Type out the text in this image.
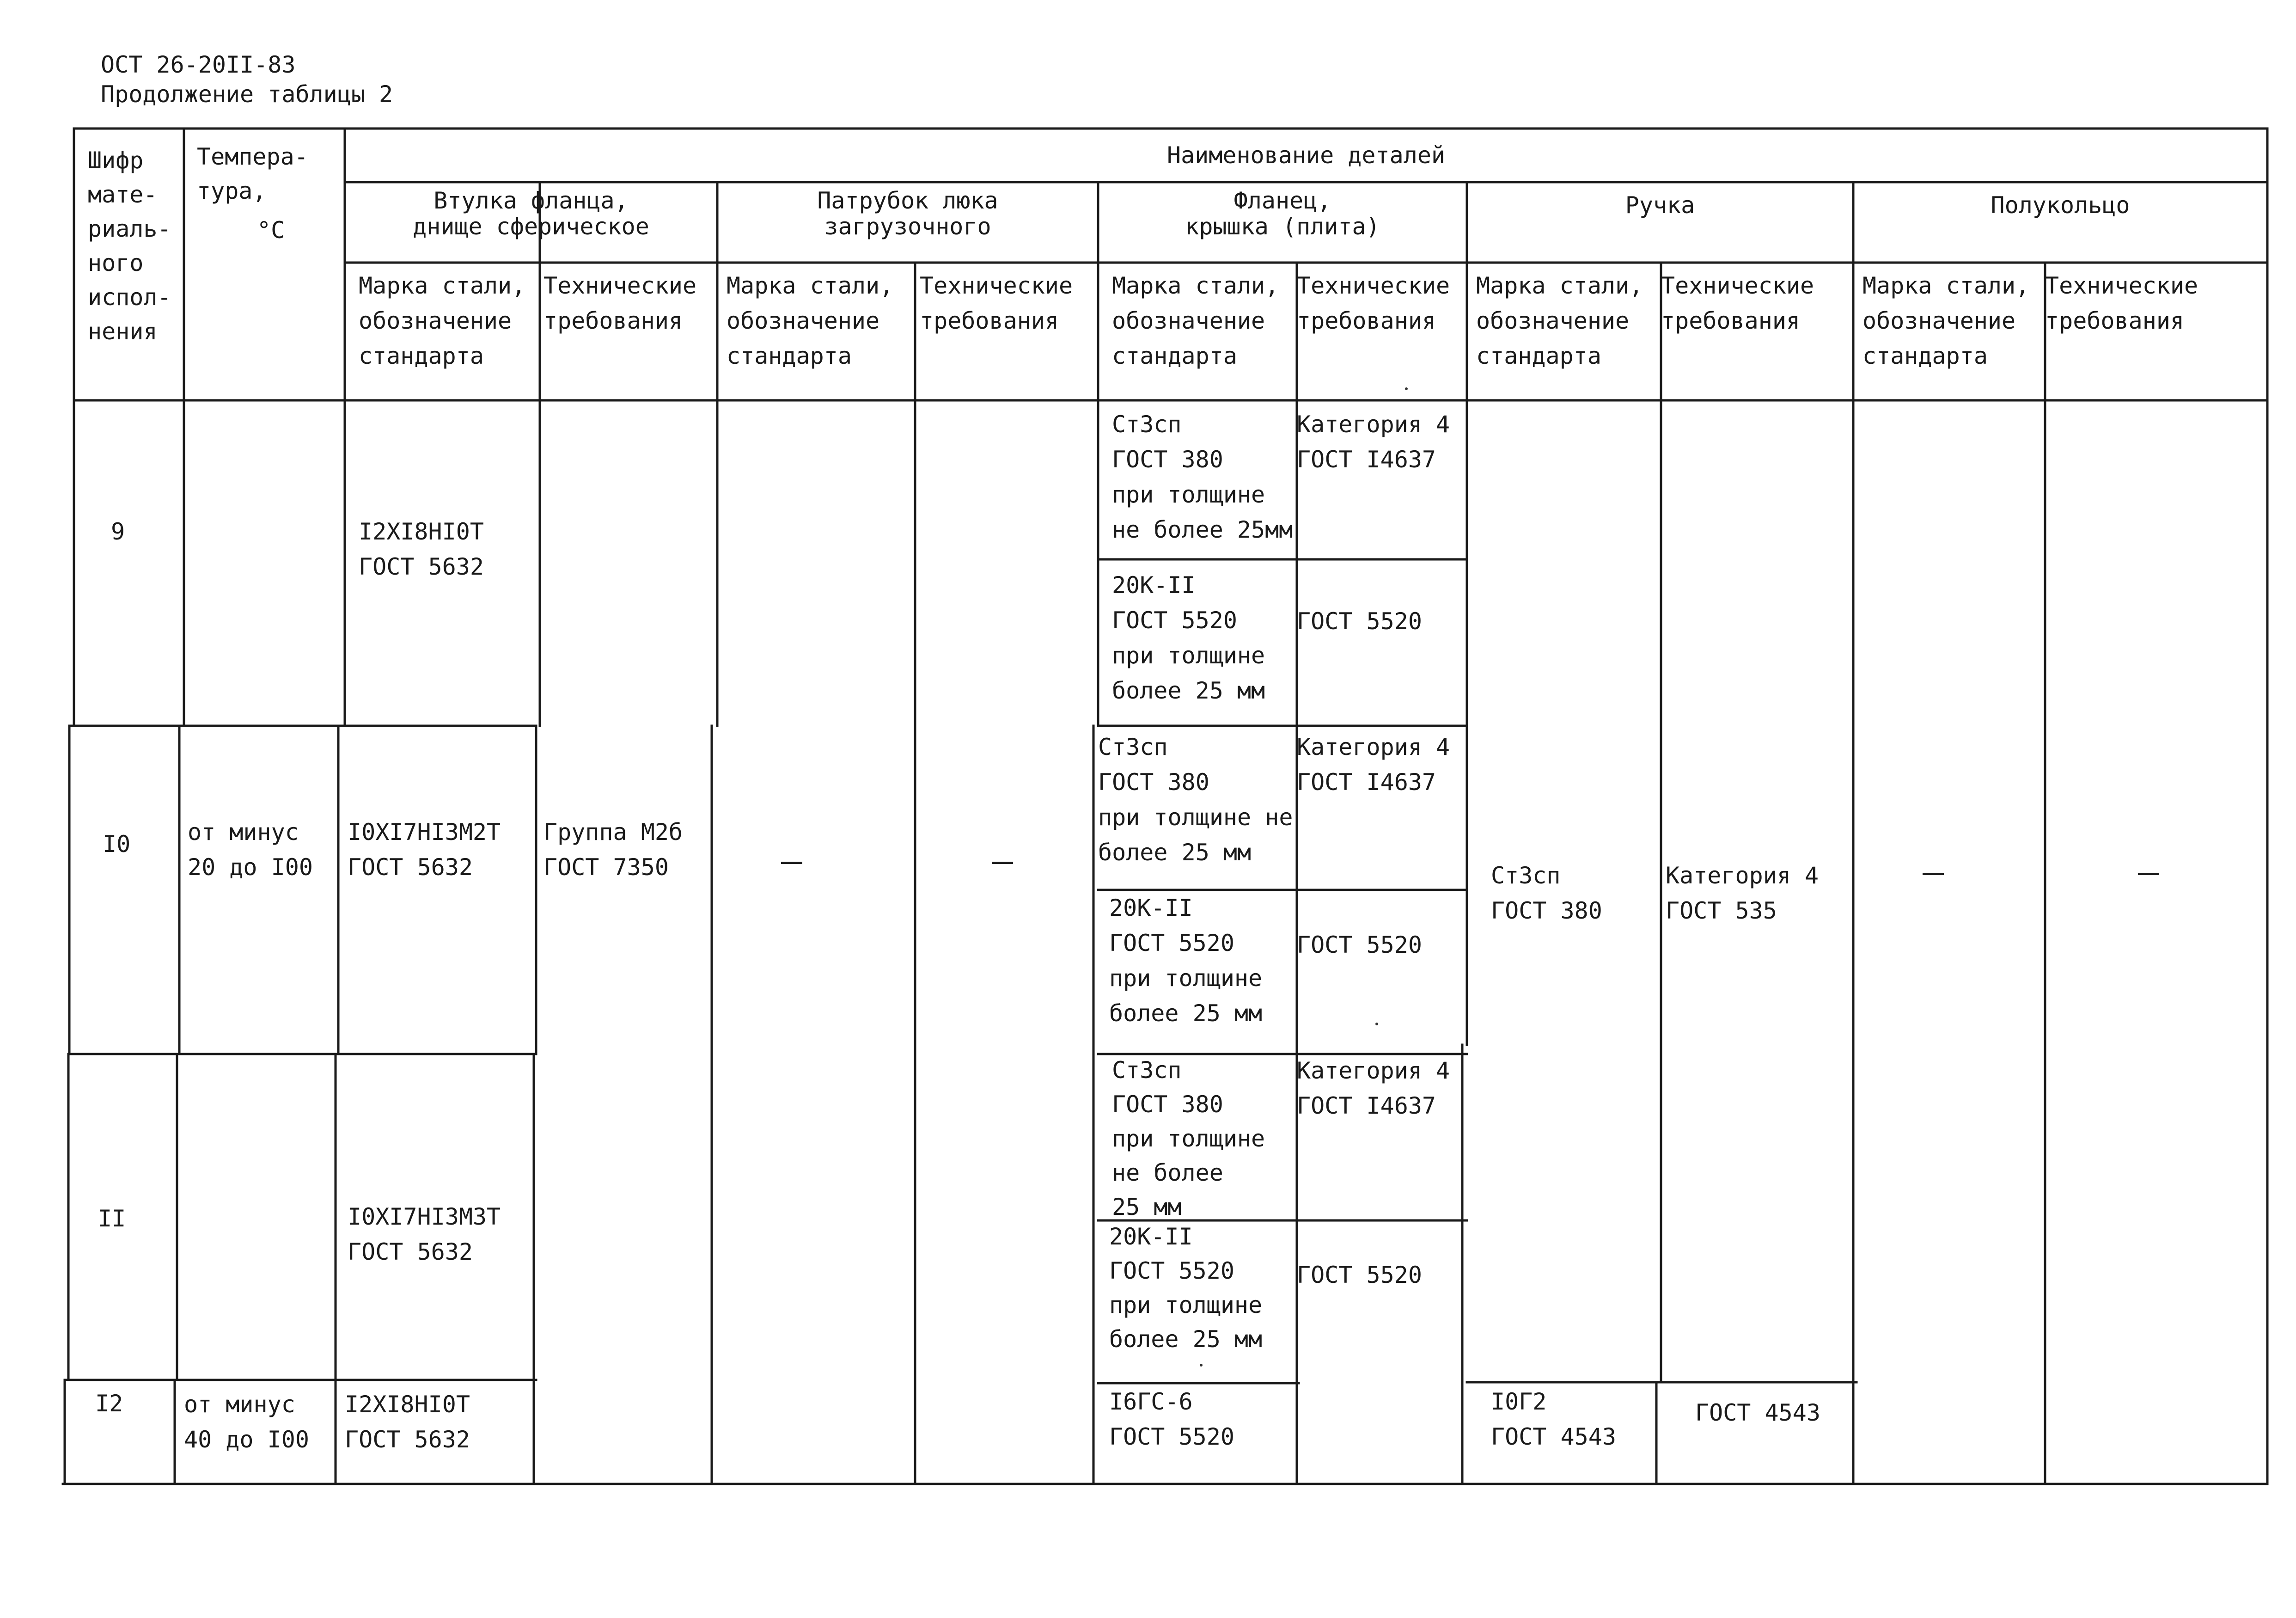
ОСТ 26-20II-83
Продолжение таблицы 2
Шифр
мате-
риаль-
ного
испол-
нения
Темпера-
тура,
°C
Наименование деталей
Втулка фланца,
днище сферическое
Патрубок люка
загрузочного
Фланец,
крышка (плита)
Ручка	Полукольцо
Марка стали,
обозначение
стандарта
Технические
требования
Марка стали,
обозначение
стандарта
Технические
требования
Марка стали,
обозначение
стандарта
Технические
требования
Марка стали,
обозначение
стандарта
Технические
требования
Марка стали,
обозначение
стандарта
Технические
требования
9
I0
II
I2
от минус
20 до I00
от минус
40 до I00
I2XI8HI0T
ГОСТ 5632
I0XI7HI3M2T
ГОСТ 5632
I0XI7HI3M3T
ГОСТ 5632
I2XI8HI0T
ГОСТ 5632
Группа M2б
ГОСТ 7350
Ст3сп
ГОСТ 380
при толщине
не более 25мм
20К-II
ГОСТ 5520
при толщине
более 25 мм
Ст3сп
ГОСТ 380
при толщине не
более 25 мм
20К-II
ГОСТ 5520
при толщине
более 25 мм
Ст3сп
ГОСТ 380
при толщине
не более
25 мм
20К-II
ГОСТ 5520
при толщине
более 25 мм
I6ГС-6
ГОСТ 5520
Категория 4
ГОСТ I4637
ГОСТ 5520
Категория 4
ГОСТ I4637
ГОСТ 5520
Категория 4
ГОСТ I4637
ГОСТ 5520
Ст3сп
ГОСТ 380
I0Г2
ГОСТ 4543
Категория 4
ГОСТ 535
ГОСТ 4543
